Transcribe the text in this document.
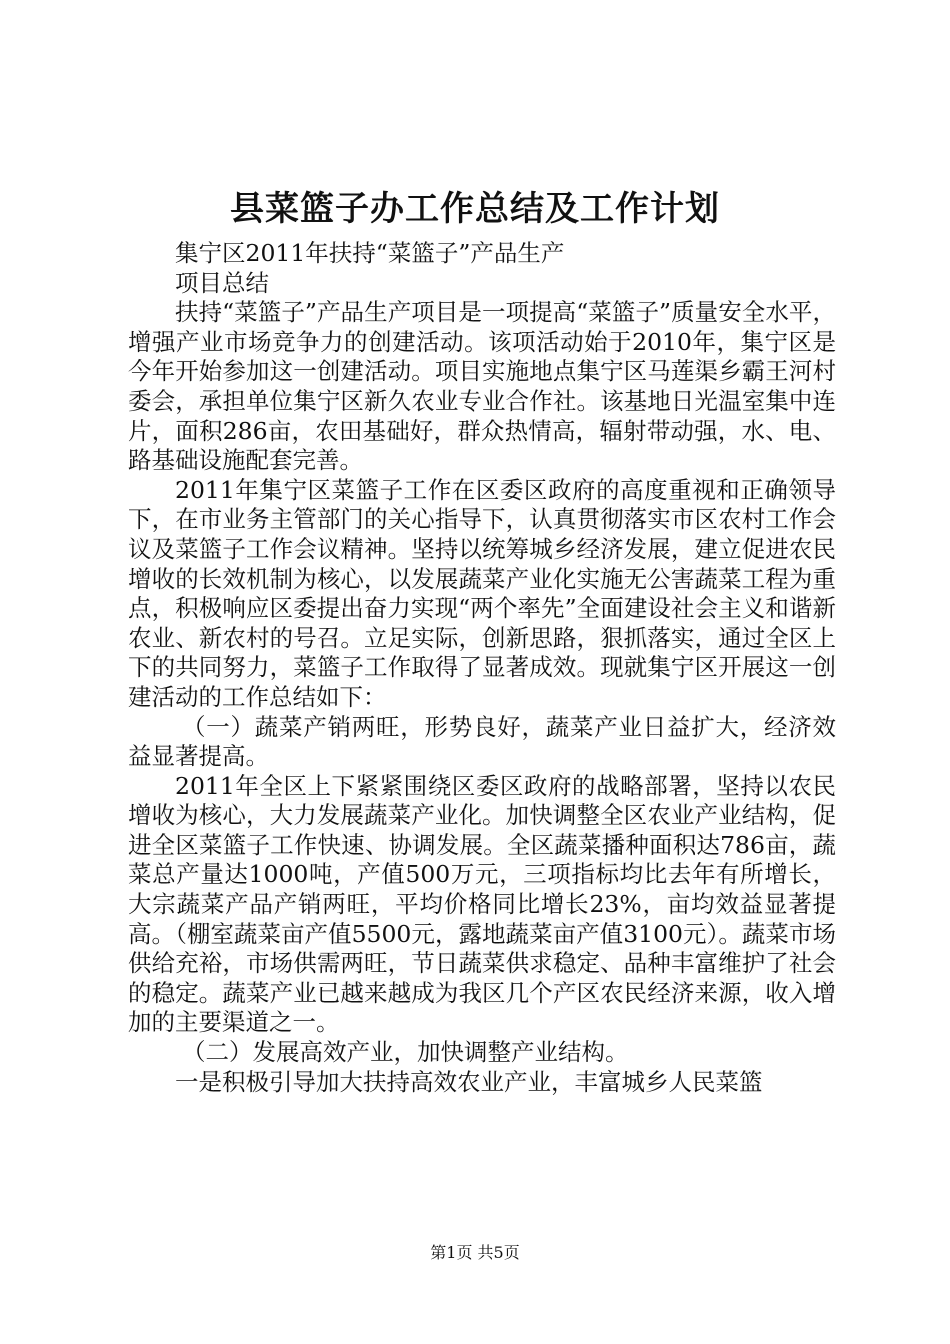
县菜篮子办工作总结及工作计划

集宁区2011年扶持“菜篮子”产品生产

项目总结

扶持“菜篮子”产品生产项目是一项提高“菜篮子”质量安全水平，增强产业市场竞争力的创建活动。该项活动始于2010年，集宁区是今年开始参加这一创建活动。项目实施地点集宁区马莲渠乡霸王河村委会，承担单位集宁区新久农业专业合作社。该基地日光温室集中连片，面积286亩，农田基础好，群众热情高，辐射带动强，水、电、路基础设施配套完善。

2011年集宁区菜篮子工作在区委区政府的高度重视和正确领导下，在市业务主管部门的关心指导下，认真贯彻落实市区农村工作会议及菜篮子工作会议精神。坚持以统筹城乡经济发展，建立促进农民增收的长效机制为核心，以发展蔬菜产业化实施无公害蔬菜工程为重点，积极响应区委提出奋力实现“两个率先”全面建设社会主义和谐新农业、新农村的号召。立足实际，创新思路，狠抓落实，通过全区上下的共同努力，菜篮子工作取得了显著成效。现就集宁区开展这一创建活动的工作总结如下：

（一）蔬菜产销两旺，形势良好，蔬菜产业日益扩大，经济效益显著提高。

2011年全区上下紧紧围绕区委区政府的战略部署，坚持以农民增收为核心，大力发展蔬菜产业化。加快调整全区农业产业结构，促进全区菜篮子工作快速、协调发展。全区蔬菜播种面积达786亩，蔬菜总产量达1000吨，产值500万元，三项指标均比去年有所增长，大宗蔬菜产品产销两旺，平均价格同比增长23%，亩均效益显著提高。（棚室蔬菜亩产值5500元，露地蔬菜亩产值3100元）。蔬菜市场供给充裕，市场供需两旺，节日蔬菜供求稳定、品种丰富维护了社会的稳定。蔬菜产业已越来越成为我区几个产区农民经济来源，收入增加的主要渠道之一。

（二）发展高效产业，加快调整产业结构。

一是积极引导加大扶持高效农业产业，丰富城乡人民菜篮

第1页 共5页
